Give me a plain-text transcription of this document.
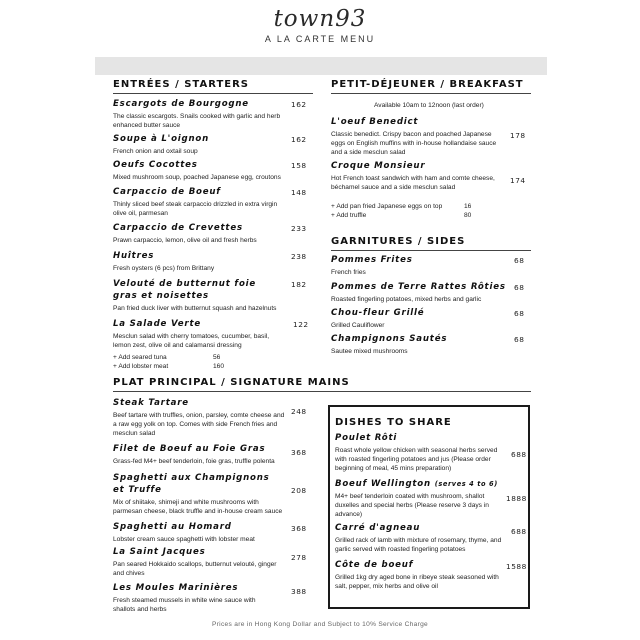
town93
A LA CARTE MENU
ENTRÉES / STARTERS
Escargots de Bourgogne
The classic escargots. Snails cooked with garlic and herb enhanced butter sauce
162
Soupe à L'oignon
French onion and oxtail soup
162
Oeufs Cocottes
Mixed mushroom soup, poached Japanese egg, croutons
158
Carpaccio de Boeuf
Thinly sliced beef steak carpaccio drizzled in extra virgin olive oil, parmesan
148
Carpaccio de Crevettes
Prawn carpaccio, lemon, olive oil and fresh herbs
233
Huîtres
Fresh oysters (6 pcs) from Brittany
238
Velouté de butternut foie gras et noisettes
Pan fried duck liver with butternut squash and hazelnuts
182
La Salade Verte
Mesclun salad with cherry tomatoes, cucumber, basil, lemon zest, olive oil and calamansi dressing
122
+ Add seared tuna	56
+ Add lobster meat	160
PETIT-DÉJEUNER / BREAKFAST
Available 10am to 12noon (last order)
L'oeuf Benedict
Classic benedict. Crispy bacon and poached Japanese eggs on English muffins with in-house hollandaise sauce and a side mesclun salad
178
Croque Monsieur
Hot French toast sandwich with ham and comte cheese, béchamel sauce and a side mesclun salad
174
+ Add pan fried Japanese eggs on top	16
+ Add truffle	80
GARNITURES / SIDES
Pommes Frites
French fries
68
Pommes de Terre Rattes Rôties
Roasted fingerling potatoes, mixed herbs and garlic
68
Chou-fleur Grillé
Grilled Cauliflower
68
Champignons Sautés
Sautee mixed mushrooms
68
PLAT PRINCIPAL / SIGNATURE MAINS
Steak Tartare
Beef tartare with truffles, onion, parsley, comte cheese and a raw egg yolk on top. Comes with side French fries and mesclun salad
248
Filet de Boeuf au Foie Gras
Grass-fed M4+ beef tenderloin, foie gras, truffle polenta
368
Spaghetti aux Champignons et Truffe
Mix of shiitake, shimeji and white mushrooms with parmesan cheese, black truffle and in-house cream sauce
208
Spaghetti au Homard
Lobster cream sauce spaghetti with lobster meat
368
La Saint Jacques
Pan seared Hokkaido scallops, butternut velouté, ginger and chives
278
Les Moules Marinières
Fresh steamed mussels in white wine sauce with shallots and herbs
388
DISHES TO SHARE
Poulet Rôti
Roast whole yellow chicken with seasonal herbs served with roasted fingerling potatoes and jus (Please order beginning of meal, 45 mins preparation)
688
Boeuf Wellington (serves 4 to 6)
M4+ beef tenderloin coated with mushroom, shallot duxelles and special herbs (Please reserve 3 days in advance)
1888
Carré d'agneau
Grilled rack of lamb with mixture of rosemary, thyme, and garlic served with roasted fingerling potatoes
688
Côte de boeuf
Grilled 1kg dry aged bone in ribeye steak seasoned with salt, pepper, mix herbs and olive oil
1588
Prices are in Hong Kong Dollar and Subject to 10% Service Charge
